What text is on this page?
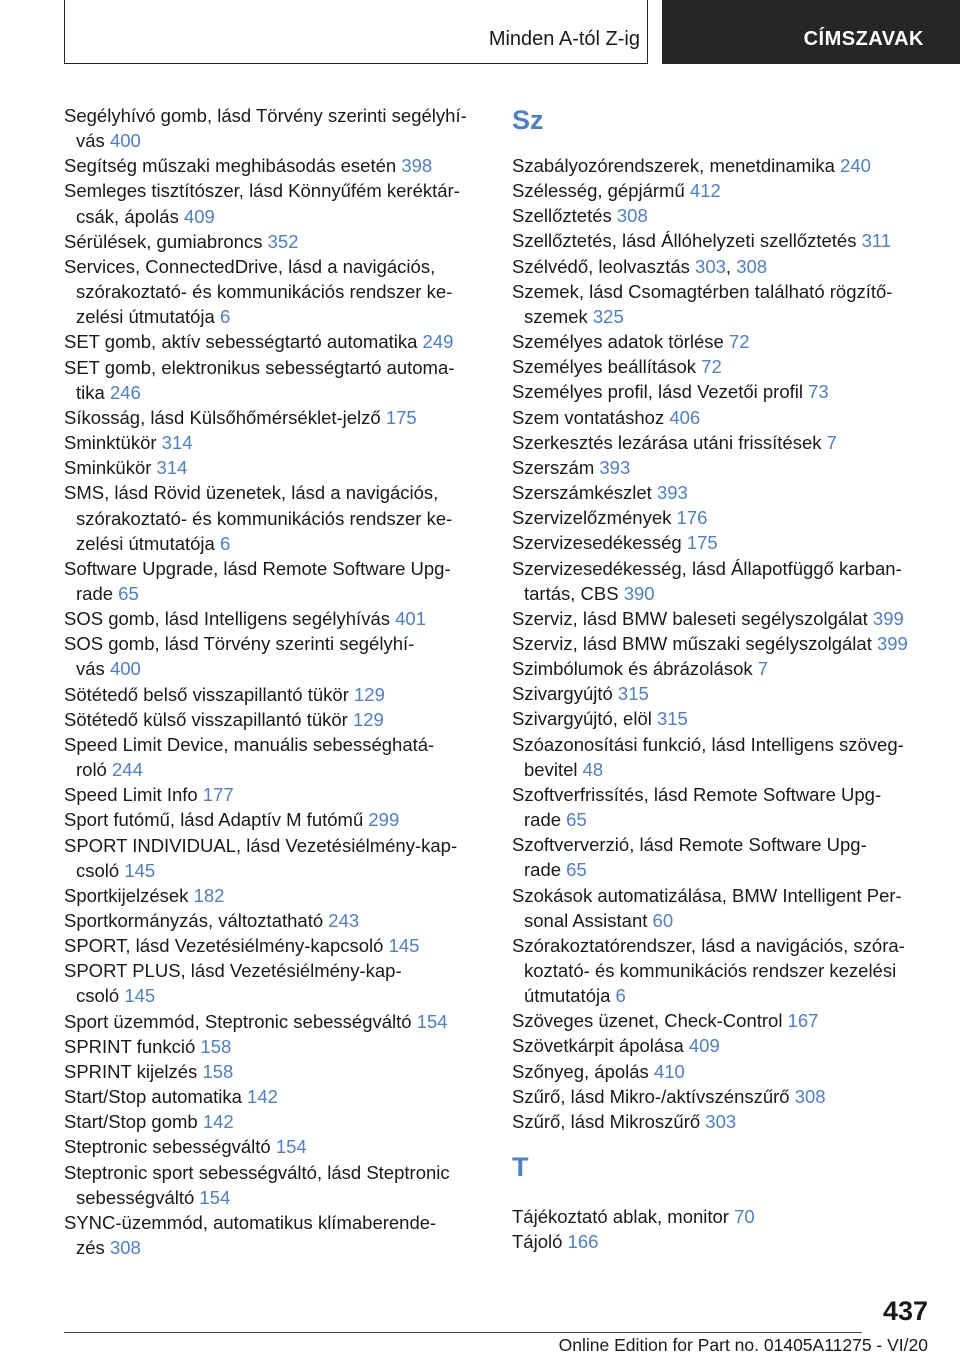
Minden A-tól Z-ig	CÍMSZAVAK
Segélyhívó gomb, lásd Törvény szerinti segélyhí‑
vás 400
Segítség műszaki meghibásodás esetén 398
Semleges tisztítószer, lásd Könnyűfém keréktár‑
csák, ápolás 409
Sérülések, gumiabroncs 352
Services, ConnectedDrive, lásd a navigációs,
szórakoztató- és kommunikációs rendszer ke‑
zelési útmutatója 6
SET gomb, aktív sebességtartó automatika 249
SET gomb, elektronikus sebességtartó automa‑
tika 246
Síkosság, lásd Külsőhőmérséklet-jelző 175
Sminktükör 314
Sminkükör 314
SMS, lásd Rövid üzenetek, lásd a navigációs,
szórakoztató- és kommunikációs rendszer ke‑
zelési útmutatója 6
Software Upgrade, lásd Remote Software Upg‑
rade 65
SOS gomb, lásd Intelligens segélyhívás 401
SOS gomb, lásd Törvény szerinti segélyhí‑
vás 400
Sötétedő belső visszapillantó tükör 129
Sötétedő külső visszapillantó tükör 129
Speed Limit Device, manuális sebességhatá‑
roló 244
Speed Limit Info 177
Sport futómű, lásd Adaptív M futómű 299
SPORT INDIVIDUAL, lásd Vezetésiélmény-kap‑
csoló 145
Sportkijelzések 182
Sportkormányzás, változtatható 243
SPORT, lásd Vezetésiélmény-kapcsoló 145
SPORT PLUS, lásd Vezetésiélmény-kap‑
csoló 145
Sport üzemmód, Steptronic sebességváltó 154
SPRINT funkció 158
SPRINT kijelzés 158
Start/Stop automatika 142
Start/Stop gomb 142
Steptronic sebességváltó 154
Steptronic sport sebességváltó, lásd Steptronic
sebességváltó 154
SYNC-üzemmód, automatikus klímaberende‑
zés 308
Sz
Szabályozórendszerek, menetdinamika 240
Szélesség, gépjármű 412
Szellőztetés 308
Szellőztetés, lásd Állóhelyzeti szellőztetés 311
Szélvédő, leolvasztás 303, 308
Szemek, lásd Csomagtérben található rögzítő‑
szemek 325
Személyes adatok törlése 72
Személyes beállítások 72
Személyes profil, lásd Vezetői profil 73
Szem vontatáshoz 406
Szerkesztés lezárása utáni frissítések 7
Szerszám 393
Szerszámkészlet 393
Szervizelőzmények 176
Szervizesedékesség 175
Szervizesedékesség, lásd Állapotfüggő karban‑
tartás, CBS 390
Szerviz, lásd BMW baleseti segélyszolgálat 399
Szerviz, lásd BMW műszaki segélyszolgálat 399
Szimbólumok és ábrázolások 7
Szivargyújtó 315
Szivargyújtó, elöl 315
Szóazonosítási funkció, lásd Intelligens szöveg‑
bevitel 48
Szoftverfrissítés, lásd Remote Software Upg‑
rade 65
Szoftververzió, lásd Remote Software Upg‑
rade 65
Szokások automatizálása, BMW Intelligent Per‑
sonal Assistant 60
Szórakoztatórendszer, lásd a navigációs, szóra‑
koztató- és kommunikációs rendszer kezelési
útmutatója 6
Szöveges üzenet, Check-Control 167
Szövetkárpit ápolása 409
Szőnyeg, ápolás 410
Szűrő, lásd Mikro-/aktívszénszűrő 308
Szűrő, lásd Mikroszűrő 303
T
Tájékoztató ablak, monitor 70
Tájoló 166
437
Online Edition for Part no. 01405A11275 - VI/20
